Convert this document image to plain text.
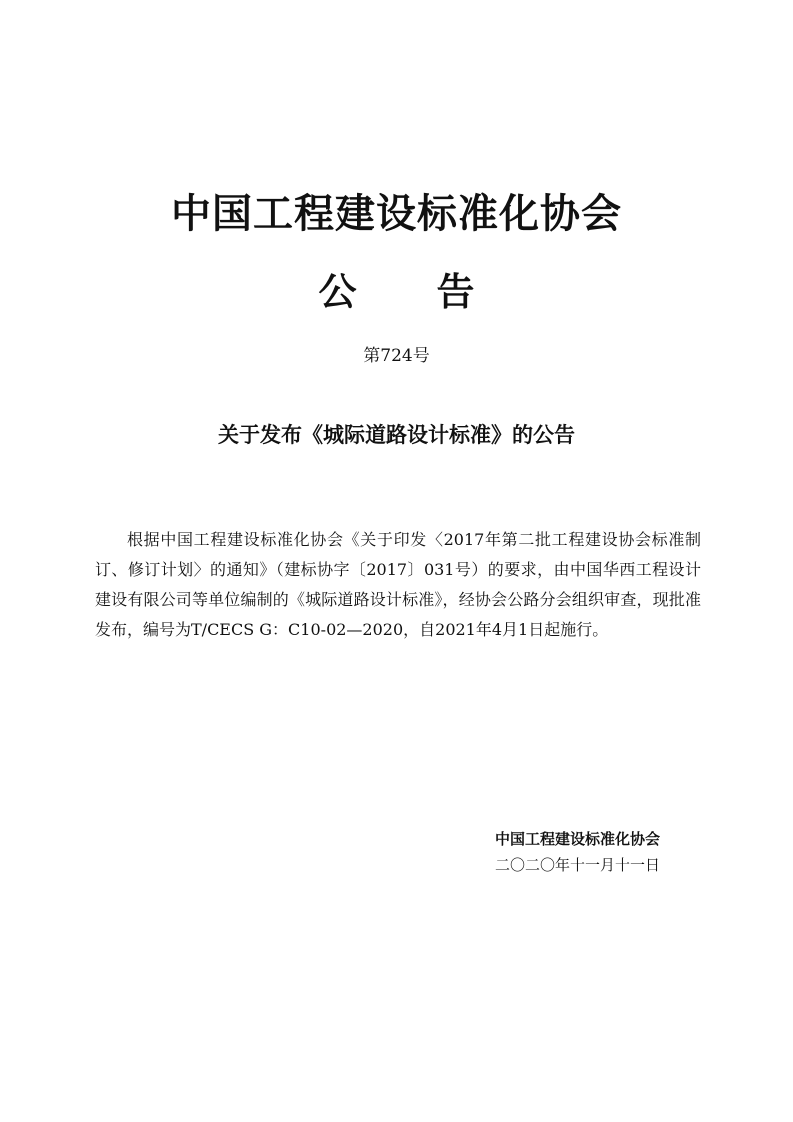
中国工程建设标准化协会
公 告
第724号
关于发布《城际道路设计标准》的公告

根据中国工程建设标准化协会《关于印发〈2017年第二批工程建设协会标准制订、修订计划〉的通知》（建标协字〔2017〕031号）的要求，由中国华西工程设计建设有限公司等单位编制的《城际道路设计标准》，经协会公路分会组织审查，现批准发布，编号为T/CECS G：C10-02—2020，自2021年4月1日起施行。

中国工程建设标准化协会
二〇二〇年十一月十一日
